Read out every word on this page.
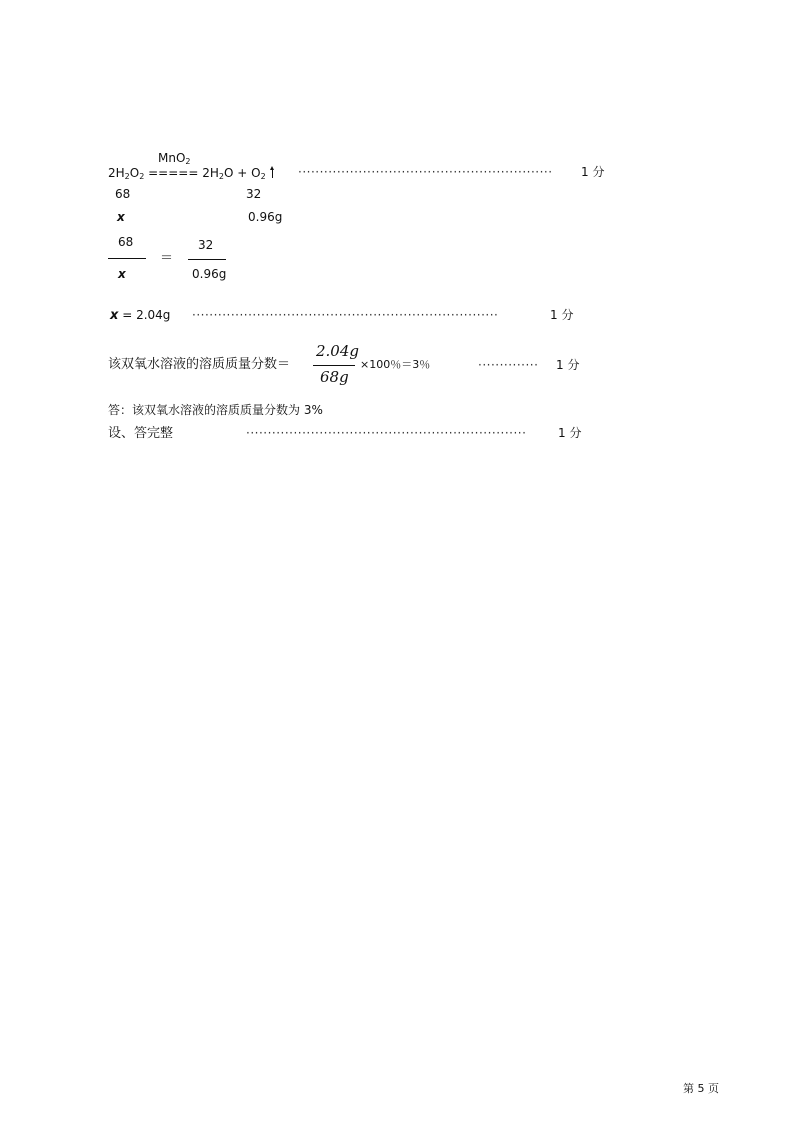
MnO$_2$
$2H_2O_2$ ===== $2H_2O + O_2$	···························································	1 分
68	32
x	0.96g
68
x
＝
32
0.96g
x = 2.04g ·······································································	1 分
该双氧水溶液的溶质质量分数＝
2.04g
68g
×100％＝3％	··············	1 分
答：该双氧水溶液的溶质质量分数为 3%
设、答完整	·································································	1 分
第 5 页
